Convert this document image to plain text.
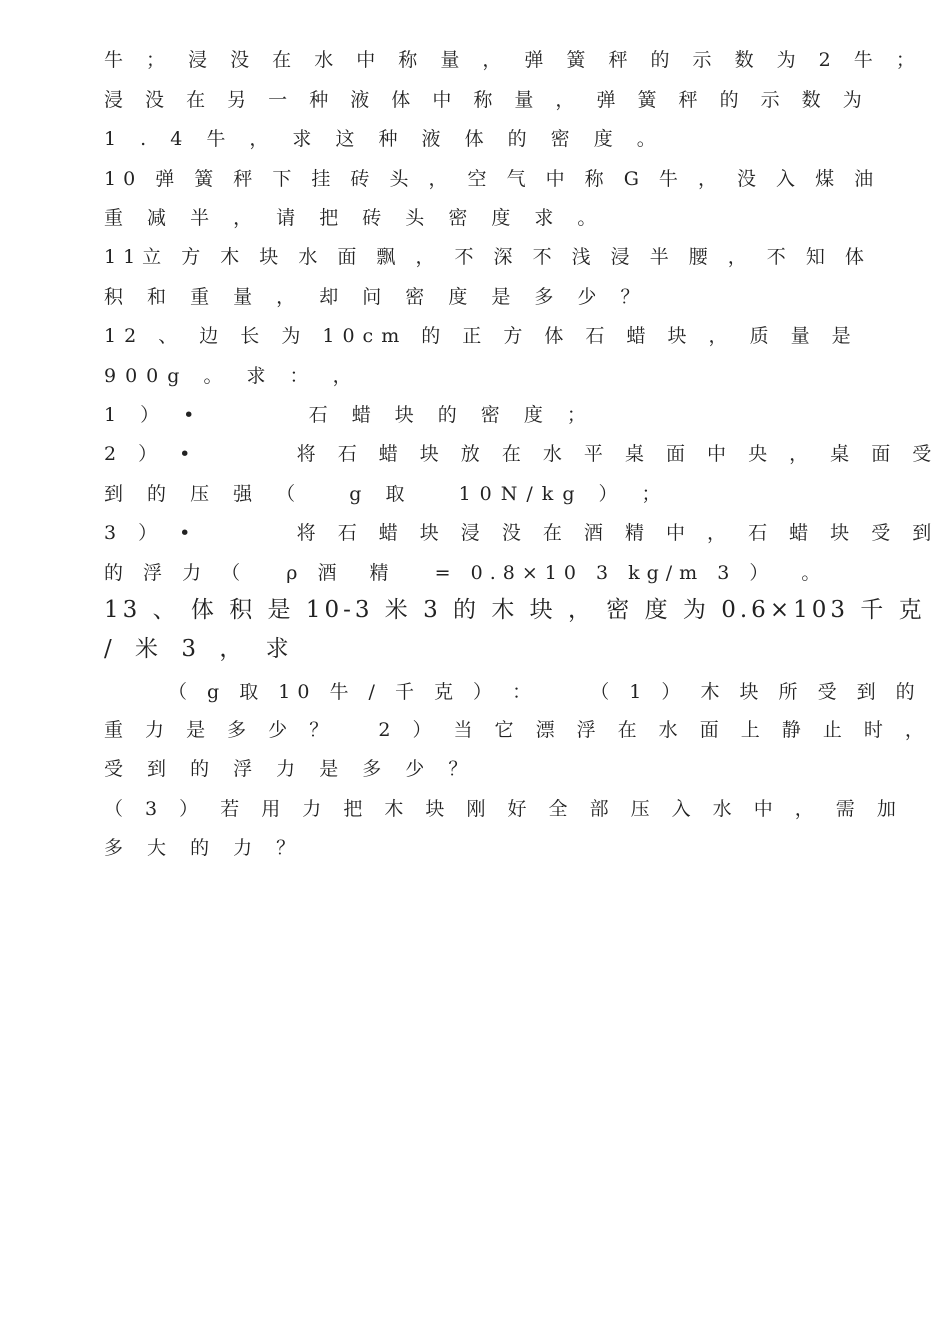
牛 ； 浸 没 在 水 中 称 量 ， 弹 簧 秤 的 示 数 为 2 牛 ；
浸 没 在 另 一 种 液 体 中 称 量 ， 弹 簧 秤 的 示 数 为
1 . 4 牛 ， 求 这 种 液 体 的 密 度 。
10 弹 簧 秤 下 挂 砖 头 ， 空 气 中 称 G 牛 ， 没 入 煤 油
重 减 半 ， 请 把 砖 头 密 度 求 。
11立 方 木 块 水 面 飘 ， 不 深 不 浅 浸 半 腰 ， 不 知 体
积 和 重 量 ， 却 问 密 度 是 多 少 ？
12 、 边 长 为 10cm 的 正 方 体 石 蜡 块 ， 质 量 是
900g 。 求 ： ，
1 ） •       石 蜡 块 的 密 度 ；
2 ） •       将 石 蜡 块 放 在 水 平 桌 面 中 央 ， 桌 面 受
到 的 压 强 （   g 取   10N/kg ） ；
3 ） •       将 石 蜡 块 浸 没 在 酒 精 中 ， 石 蜡 块 受 到
的 浮 力 （   ρ 酒  精   = 0.8×10 3 kg/m 3 ）  。
13 、 体 积 是 10-3 米 3 的 木 块 ， 密 度 为 0.6×103 千 克
/ 米 3 ， 求
（ g 取 10 牛 / 千 克 ） ：    （ 1 ） 木 块 所 受 到 的
重 力 是 多 少 ？   2 ） 当 它 漂 浮 在 水 面 上 静 止 时 ，
受 到 的 浮 力 是 多 少 ？
（ 3 ） 若 用 力 把 木 块 刚 好 全 部 压 入 水 中 ， 需 加
多 大 的 力 ？
